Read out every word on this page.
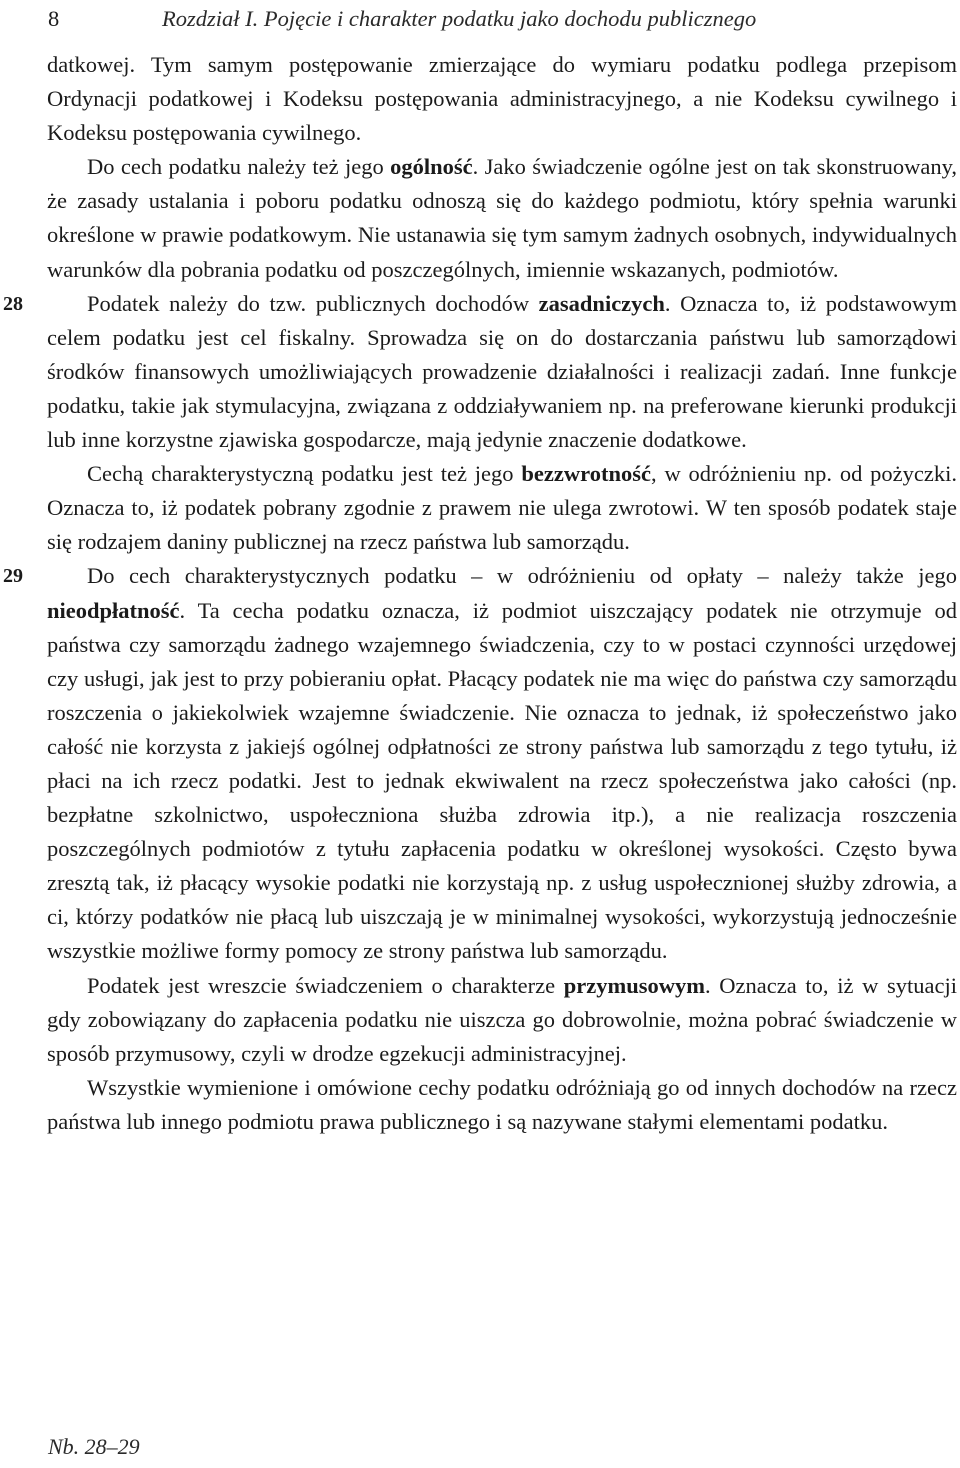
8	Rozdział I. Pojęcie i charakter podatku jako dochodu publicznego

datkowej. Tym samym postępowanie zmierzające do wymiaru podatku podlega przepisom Ordynacji podatkowej i Kodeksu postępowania administracyjnego, a nie Kodeksu cywilnego i Kodeksu postępowania cywilnego.

Do cech podatku należy też jego ogólność. Jako świadczenie ogólne jest on tak skonstruowany, że zasady ustalania i poboru podatku odnoszą się do każdego podmiotu, który spełnia warunki określone w prawie podatkowym. Nie ustanawia się tym samym żadnych osobnych, indywidualnych warunków dla pobrania podatku od poszczególnych, imiennie wskazanych, podmiotów.

28	Podatek należy do tzw. publicznych dochodów zasadniczych. Oznacza to, iż podstawowym celem podatku jest cel fiskalny. Sprowadza się on do dostarczania państwu lub samorządowi środków finansowych umożliwiających prowadzenie działalności i realizacji zadań. Inne funkcje podatku, takie jak stymulacyjna, związana z oddziaływaniem np. na preferowane kierunki produkcji lub inne korzystne zjawiska gospodarcze, mają jedynie znaczenie dodatkowe.

Cechą charakterystyczną podatku jest też jego bezzwrotność, w odróżnieniu np. od pożyczki. Oznacza to, iż podatek pobrany zgodnie z prawem nie ulega zwrotowi. W ten sposób podatek staje się rodzajem daniny publicznej na rzecz państwa lub samorządu.

29	Do cech charakterystycznych podatku – w odróżnieniu od opłaty – należy także jego nieodpłatność. Ta cecha podatku oznacza, iż podmiot uiszczający podatek nie otrzymuje od państwa czy samorządu żadnego wzajemnego świadczenia, czy to w postaci czynności urzędowej czy usługi, jak jest to przy pobieraniu opłat. Płacący podatek nie ma więc do państwa czy samorządu roszczenia o jakiekolwiek wzajemne świadczenie. Nie oznacza to jednak, iż społeczeństwo jako całość nie korzysta z jakiejś ogólnej odpłatności ze strony państwa lub samorządu z tego tytułu, iż płaci na ich rzecz podatki. Jest to jednak ekwiwalent na rzecz społeczeństwa jako całości (np. bezpłatne szkolnictwo, uspołeczniona służba zdrowia itp.), a nie realizacja roszczenia poszczególnych podmiotów z tytułu zapłacenia podatku w określonej wysokości. Często bywa zresztą tak, iż płacący wysokie podatki nie korzystają np. z usług uspołecznionej służby zdrowia, a ci, którzy podatków nie płacą lub uiszczają je w minimalnej wysokości, wykorzystują jednocześnie wszystkie możliwe formy pomocy ze strony państwa lub samorządu.

Podatek jest wreszcie świadczeniem o charakterze przymusowym. Oznacza to, iż w sytuacji gdy zobowiązany do zapłacenia podatku nie uiszcza go dobrowolnie, można pobrać świadczenie w sposób przymusowy, czyli w drodze egzekucji administracyjnej.

Wszystkie wymienione i omówione cechy podatku odróżniają go od innych dochodów na rzecz państwa lub innego podmiotu prawa publicznego i są nazywane stałymi elementami podatku.

Nb. 28–29
